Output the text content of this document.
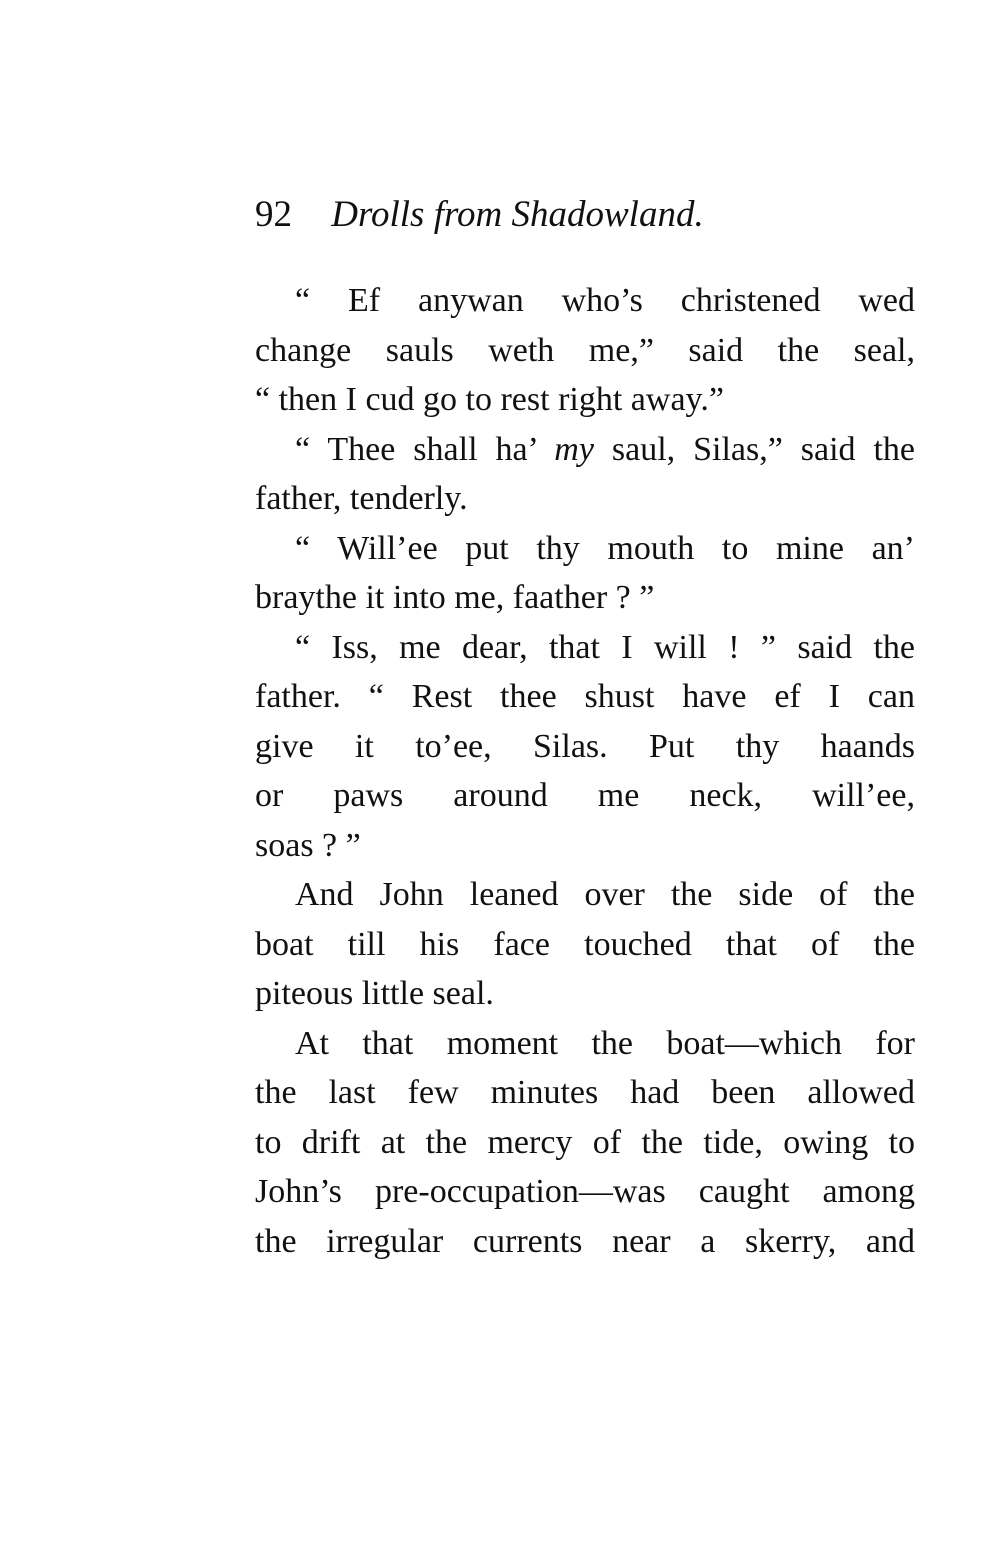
92 Drolls from Shadowland.
“ Ef anywan who’s christened wed
change sauls weth me,” said the seal,
“ then I cud go to rest right away.”
“ Thee shall ha’ my saul, Silas,” said the
father, tenderly.
“ Will’ee put thy mouth to mine an’
braythe it into me, faather ? ”
“ Iss, me dear, that I will ! ” said the
father. “ Rest thee shust have ef I can
give it to’ee, Silas. Put thy haands
or paws around me neck, will’ee,
soas ? ”
And John leaned over the side of the
boat till his face touched that of the
piteous little seal.
At that moment the boat—which for
the last few minutes had been allowed
to drift at the mercy of the tide, owing to
John’s pre-occupation—was caught among
the irregular currents near a skerry, and
